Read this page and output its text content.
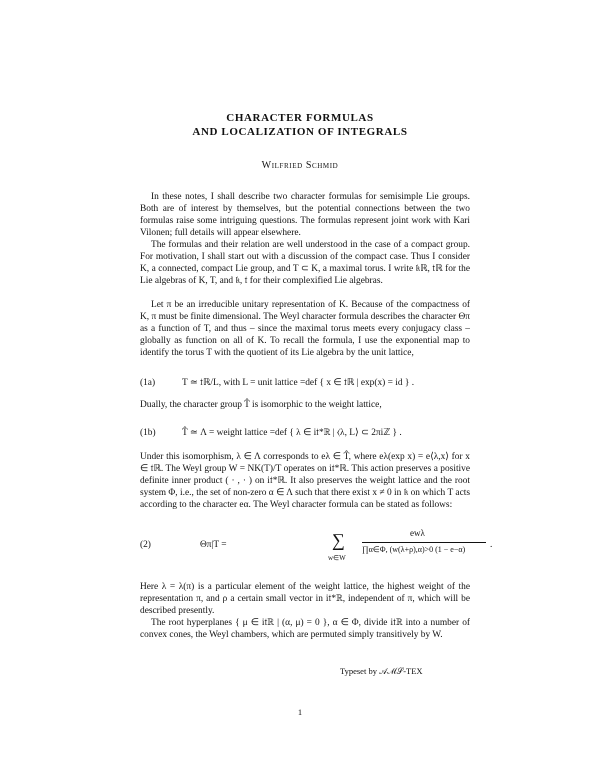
CHARACTER FORMULAS
AND LOCALIZATION OF INTEGRALS
Wilfried Schmid

In these notes, I shall describe two character formulas for semisimple Lie groups. Both are of interest by themselves, but the potential connections between the two formulas raise some intriguing questions. The formulas represent joint work with Kari Vilonen; full details will appear elsewhere.

The formulas and their relation are well understood in the case of a compact group. For motivation, I shall start out with a discussion of the compact case. Thus I consider K, a connected, compact Lie group, and T ⊂ K, a maximal torus. I write 𝔨ℝ, 𝔱ℝ for the Lie algebras of K, T, and 𝔨, 𝔱 for their complexified Lie algebras.

Let π be an irreducible unitary representation of K. Because of the compactness of K, π must be finite dimensional. The Weyl character formula describes the character Θπ as a function of T, and thus – since the maximal torus meets every conjugacy class – globally as function on all of K. To recall the formula, I use the exponential map to identify the torus T with the quotient of its Lie algebra by the unit lattice,

(1a)	T ≃ 𝔱ℝ/L, with L = unit lattice =def { x ∈ 𝔱ℝ | exp(x) = id } .

Dually, the character group T̂ is isomorphic to the weight lattice,

(1b)	T̂ ≃ Λ = weight lattice =def { λ ∈ i𝔱*ℝ | ⟨λ, L⟩ ⊂ 2πiℤ } .

Under this isomorphism, λ ∈ Λ corresponds to eλ ∈ T̂, where eλ(exp x) = e⟨λ,x⟩ for x ∈ 𝔱ℝ. The Weyl group W = NK(T)/T operates on i𝔱*ℝ. This action preserves a positive definite inner product ( · , · ) on i𝔱*ℝ. It also preserves the weight lattice and the root system Φ, i.e., the set of non-zero α ∈ Λ such that there exist x ≠ 0 in 𝔨 on which T acts according to the character eα. The Weyl character formula can be stated as follows:

(2)	Θπ|T =	∑
w∈W
ewλ
∏α∈Φ, (w(λ+ρ),α)>0 (1 − e−α)	.

Here λ = λ(π) is a particular element of the weight lattice, the highest weight of the representation π, and ρ a certain small vector in i𝔱*ℝ, independent of π, which will be described presently.

The root hyperplanes { μ ∈ i𝔱ℝ | (α, μ) = 0 }, α ∈ Φ, divide i𝔱ℝ into a number of convex cones, the Weyl chambers, which are permuted simply transitively by W.

Typeset by 𝒜ℳ𝒮-TEX
1
